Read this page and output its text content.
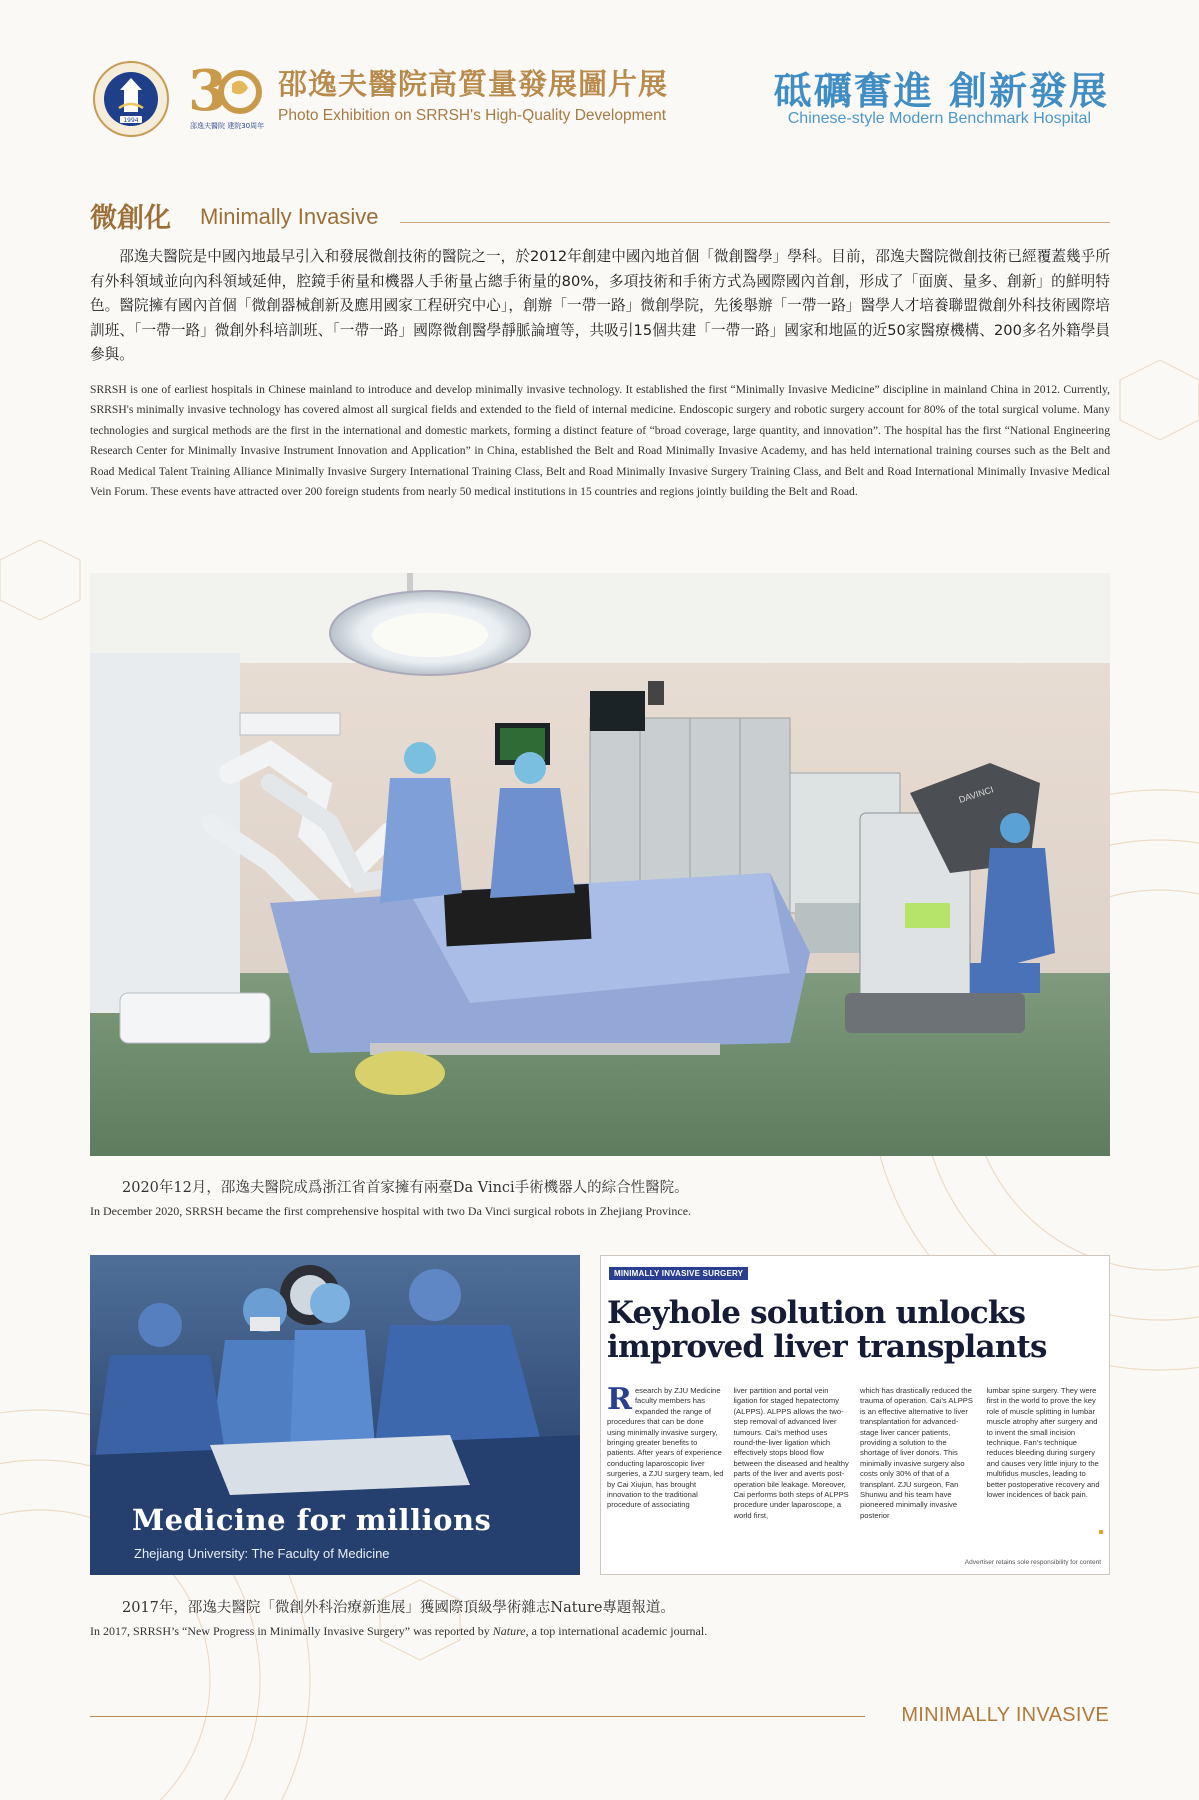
1994 3
邵逸夫醫院 建院30周年
邵逸夫醫院高質量發展圖片展
Photo Exhibition on SRRSH's High-Quality Development
砥礪奮進 創新發展
Chinese-style Modern Benchmark Hospital
微創化 Minimally Invasive

邵逸夫醫院是中國內地最早引入和發展微創技術的醫院之一，於2012年創建中國內地首個「微創醫學」學科。目前，邵逸夫醫院微創技術已經覆蓋幾乎所有外科領域並向內科領域延伸，腔鏡手術量和機器人手術量占總手術量的80%，多項技術和手術方式為國際國內首創，形成了「面廣、量多、創新」的鮮明特色。醫院擁有國內首個「微創器械創新及應用國家工程研究中心」，創辦「一帶一路」微創學院，先後舉辦「一帶一路」醫學人才培養聯盟微創外科技術國際培訓班、「一帶一路」微創外科培訓班、「一帶一路」國際微創醫學靜脈論壇等，共吸引15個共建「一帶一路」國家和地區的近50家醫療機構、200多名外籍學員參與。

SRRSH is one of earliest hospitals in Chinese mainland to introduce and develop minimally invasive technology. It established the first “Minimally Invasive Medicine” discipline in mainland China in 2012. Currently, SRRSH's minimally invasive technology has covered almost all surgical fields and extended to the field of internal medicine. Endoscopic surgery and robotic surgery account for 80% of the total surgical volume. Many technologies and surgical methods are the first in the international and domestic markets, forming a distinct feature of “broad coverage, large quantity, and innovation”. The hospital has the first “National Engineering Research Center for Minimally Invasive Instrument Innovation and Application” in China, established the Belt and Road Minimally Invasive Academy, and has held international training courses such as the Belt and Road Medical Talent Training Alliance Minimally Invasive Surgery International Training Class, Belt and Road Minimally Invasive Surgery Training Class, and Belt and Road International Minimally Invasive Medical Vein Forum. These events have attracted over 200 foreign students from nearly 50 medical institutions in 15 countries and regions jointly building the Belt and Road.

DAVINCI
2020年12月，邵逸夫醫院成爲浙江省首家擁有兩臺Da Vinci手術機器人的綜合性醫院。
In December 2020, SRRSH became the first comprehensive hospital with two Da Vinci surgical robots in Zhejiang Province.
Medicine for millions
Zhejiang University: The Faculty of Medicine
MINIMALLY INVASIVE SURGERY
Keyhole solution unlocks
improved liver transplants

Research by ZJU Medicine faculty members has expanded the range of procedures that can be done using minimally invasive surgery, bringing greater benefits to patients. After years of experience conducting laparoscopic liver surgeries, a ZJU surgery team, led by Cai Xiujun, has brought innovation to the traditional procedure of associating

liver partition and portal vein ligation for staged hepatectomy (ALPPS). ALPPS allows the two-step removal of advanced liver tumours. Cai's method uses round-the-liver ligation which effectively stops blood flow between the diseased and healthy parts of the liver and averts post-operation bile leakage. Moreover, Cai performs both steps of ALPPS procedure under laparoscope, a world first,

which has drastically reduced the trauma of operation. Cai's ALPPS is an effective alternative to liver transplantation for advanced-stage liver cancer patients, providing a solution to the shortage of liver donors. This minimally invasive surgery also costs only 30% of that of a transplant. ZJU surgeon, Fan Shunwu and his team have pioneered minimally invasive posterior

lumbar spine surgery. They were first in the world to prove the key role of muscle splitting in lumbar muscle atrophy after surgery and to invent the small incision technique. Fan's technique reduces bleeding during surgery and causes very little injury to the multifidus muscles, leading to better postoperative recovery and lower incidences of back pain.

Advertiser retains sole responsibility for content
2017年，邵逸夫醫院「微創外科治療新進展」獲國際頂級學術雜志Nature專題報道。
In 2017, SRRSH’s “New Progress in Minimally Invasive Surgery” was reported by Nature, a top international academic journal.
MINIMALLY INVASIVE
